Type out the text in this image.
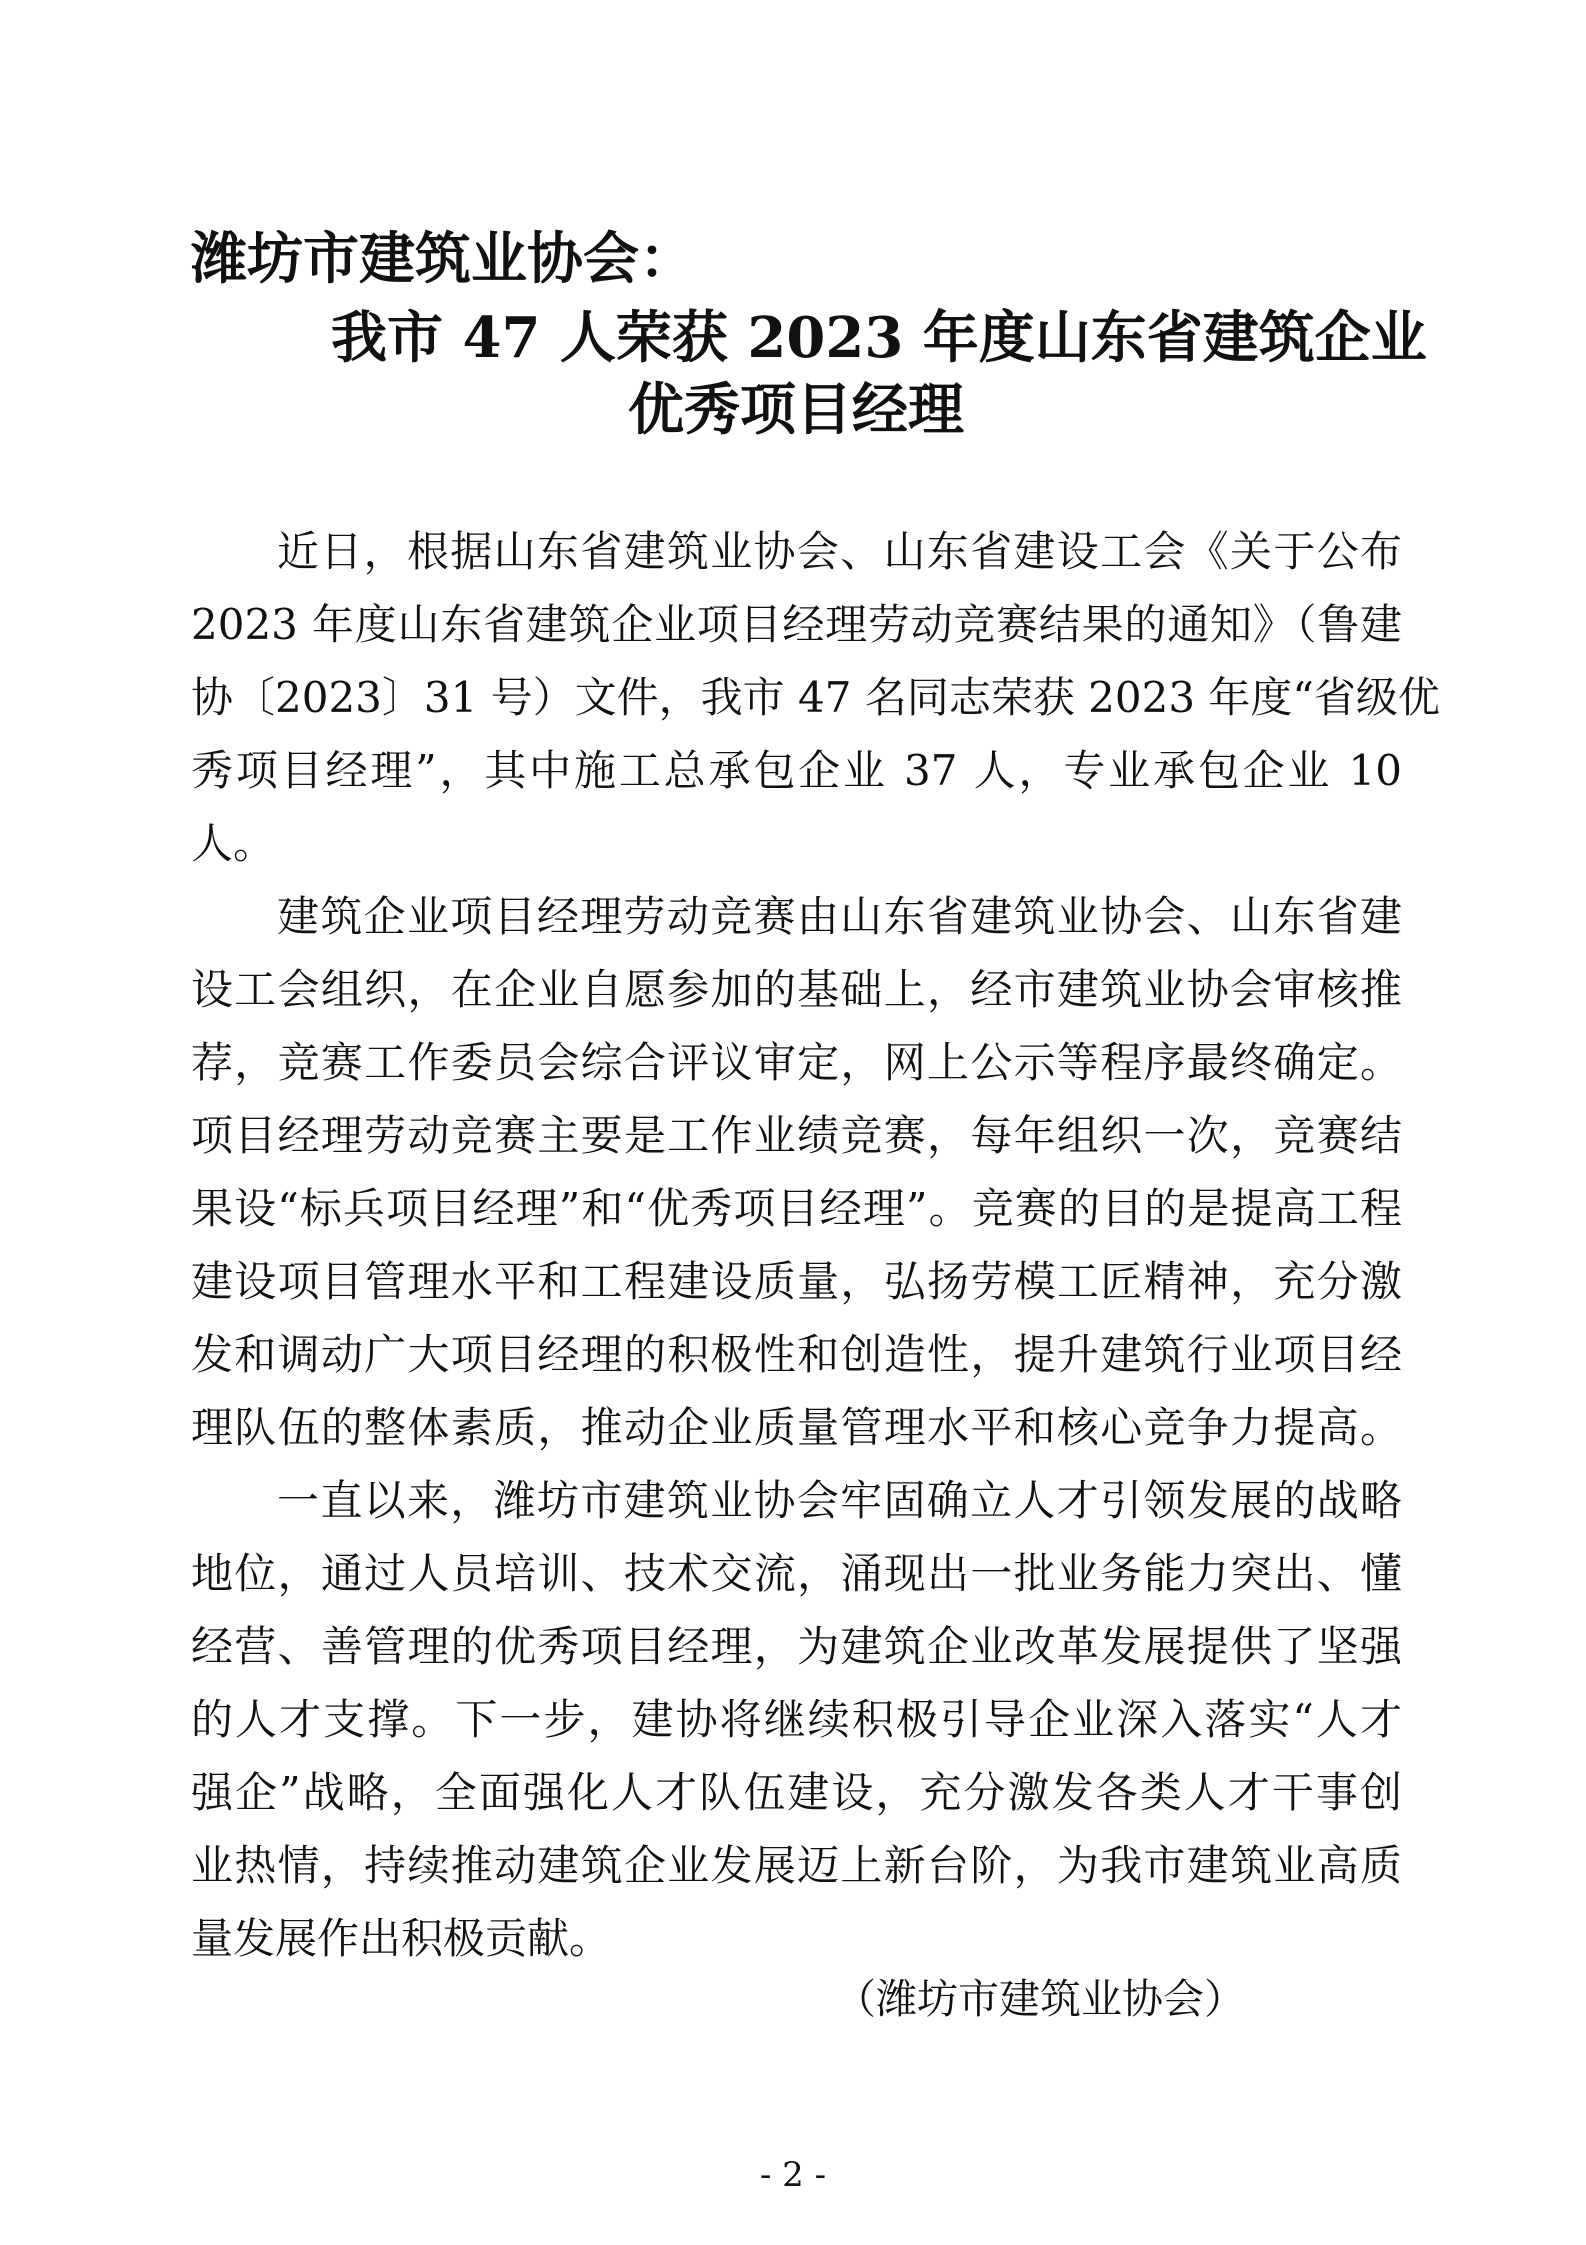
潍坊市建筑业协会：
我市 47 人荣获 2023 年度山东省建筑企业
优秀项目经理
近日，根据山东省建筑业协会、山东省建设工会《关于公布
2023 年度山东省建筑企业项目经理劳动竞赛结果的通知》（鲁建
协〔2023〕31 号）文件，我市 47 名同志荣获 2023 年度“省级优
秀项目经理”，其中施工总承包企业 37 人，专业承包企业 10
人。
建筑企业项目经理劳动竞赛由山东省建筑业协会、山东省建
设工会组织，在企业自愿参加的基础上，经市建筑业协会审核推
荐，竞赛工作委员会综合评议审定，网上公示等程序最终确定。
项目经理劳动竞赛主要是工作业绩竞赛，每年组织一次，竞赛结
果设“标兵项目经理”和“优秀项目经理”。竞赛的目的是提高工程
建设项目管理水平和工程建设质量，弘扬劳模工匠精神，充分激
发和调动广大项目经理的积极性和创造性，提升建筑行业项目经
理队伍的整体素质，推动企业质量管理水平和核心竞争力提高。
一直以来，潍坊市建筑业协会牢固确立人才引领发展的战略
地位，通过人员培训、技术交流，涌现出一批业务能力突出、懂
经营、善管理的优秀项目经理，为建筑企业改革发展提供了坚强
的人才支撑。下一步，建协将继续积极引导企业深入落实“人才
强企”战略，全面强化人才队伍建设，充分激发各类人才干事创
业热情，持续推动建筑企业发展迈上新台阶，为我市建筑业高质
量发展作出积极贡献。
（潍坊市建筑业协会）
- 2 -
